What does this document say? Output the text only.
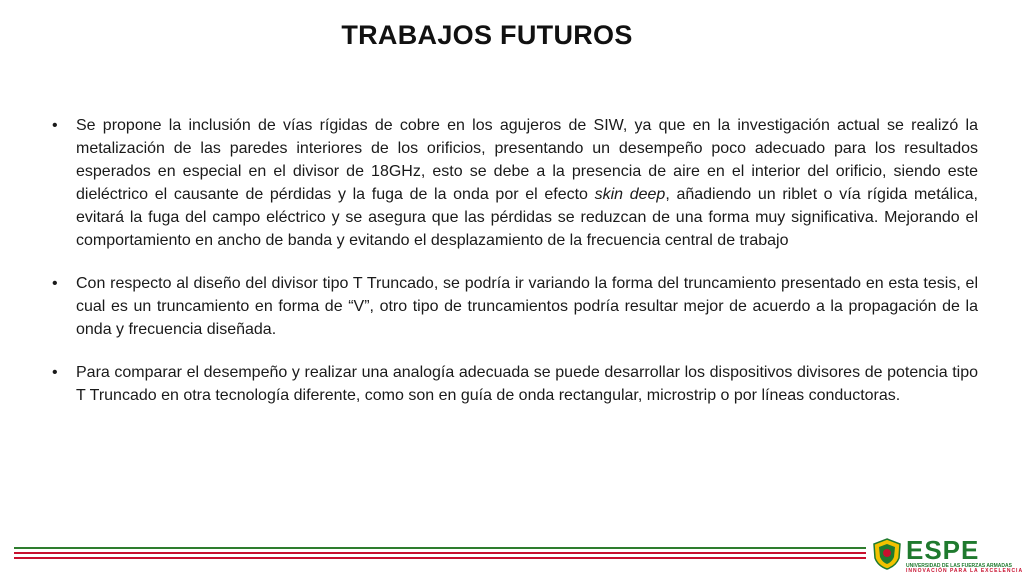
TRABAJOS FUTUROS
• Se propone la inclusión de vías rígidas de cobre en los agujeros de SIW, ya que en la investigación actual se realizó la metalización de las paredes interiores de los orificios, presentando un desempeño poco adecuado para los resultados esperados en especial en el divisor de 18GHz, esto se debe a la presencia de aire en el interior del orificio, siendo este dieléctrico el causante de pérdidas y la fuga de la onda por el efecto skin deep, añadiendo un riblet o vía rígida metálica, evitará la fuga del campo eléctrico y se asegura que las pérdidas se reduzcan de una forma muy significativa. Mejorando el comportamiento en ancho de banda y evitando el desplazamiento de la frecuencia central de trabajo
• Con respecto al diseño del divisor tipo T Truncado, se podría ir variando la forma del truncamiento presentado en esta tesis, el cual es un truncamiento en forma de “V”, otro tipo de truncamientos podría resultar mejor de acuerdo a la propagación de la onda y frecuencia diseñada.
• Para comparar el desempeño y realizar una analogía adecuada se puede desarrollar los dispositivos divisores de potencia tipo T Truncado en otra tecnología diferente, como son en guía de onda rectangular, microstrip o por líneas conductoras.
ESPE
UNIVERSIDAD DE LAS FUERZAS ARMADAS
INNOVACIÓN PARA LA EXCELENCIA
